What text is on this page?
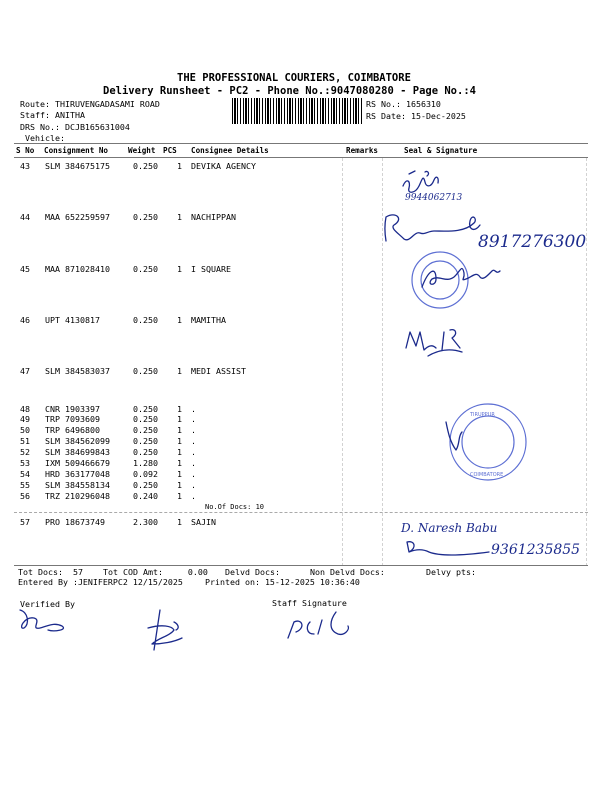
THE PROFESSIONAL COURIERS, COIMBATORE
Delivery Runsheet - PC2 - Phone No.:9047080280 - Page No.:4
Route: THIRUVENGADASAMI ROAD
Staff: ANITHA
DRS No.: DCJB165631004
Vehicle:
RS No.: 1656310
RS Date: 15-Dec-2025
S No Consignment No	Weight PCS Consignee Details	Remarks	Seal & Signature
43 SLM 384675175	0.250 1 DEVIKA AGENCY
44 MAA 652259597	0.250 1 NACHIPPAN
45 MAA 871028410	0.250 1 I SQUARE
46 UPT 4130817	0.250 1 MAMITHA
47 SLM 384583037	0.250 1 MEDI ASSIST
48 CNR 1903397	0.250 1 .
49 TRP 7093609	0.250 1 .
50 TRP 6496800	0.250 1 .
51 SLM 384562099	0.250 1 .
52 SLM 384699843	0.250 1 .
53 IXM 509466679	1.280 1 .
54 HRD 363177048	0.092 1 .
55 SLM 384558134	0.250 1 .
56 TRZ 210296048	0.240 1 .
No.Of Docs: 10
57 PRO 18673749	2.300 1 SAJIN
Tot Docs:  57 Tot COD Amt:     0.00 Delvd Docs:	Non Delvd Docs:	Delvy pts:
Entered By :JENIFERPC2 12/15/2025	Printed on: 15-12-2025 10:36:40
Verified By	Staff Signature
9944062713
8917276300
TIRUPPUR
COIMBATORE
D. Naresh Babu
9361235855
